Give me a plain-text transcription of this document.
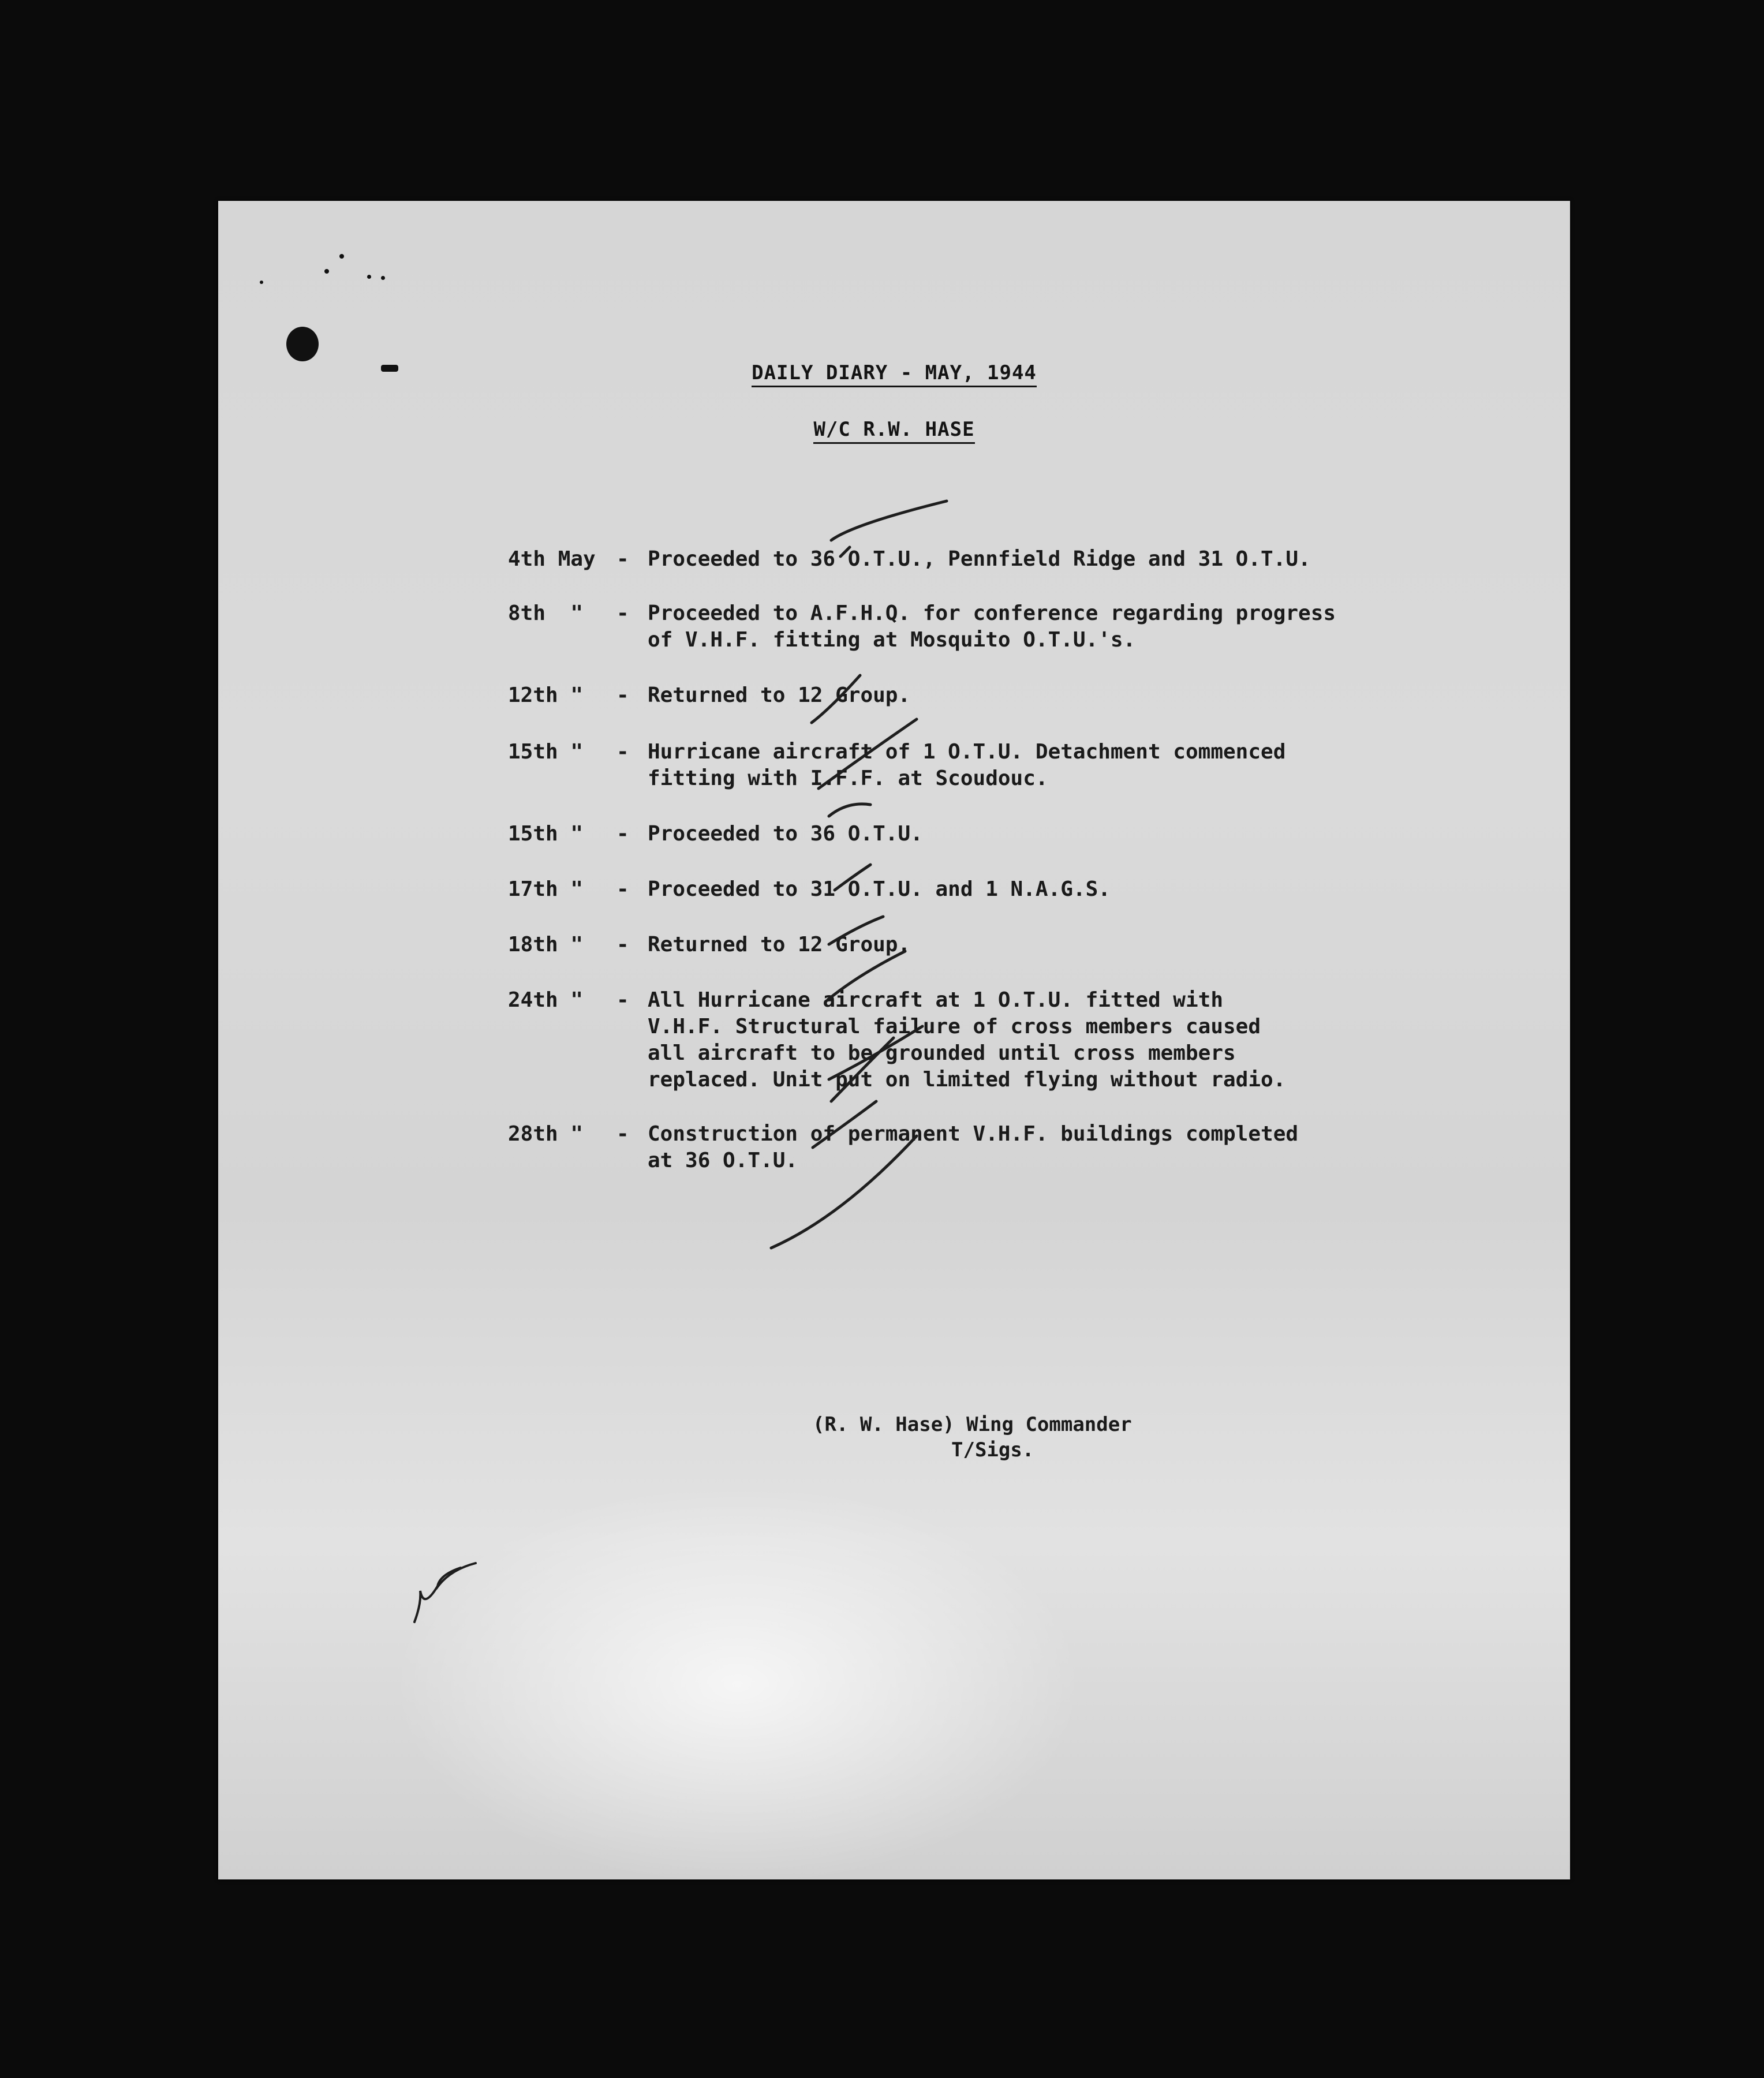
DAILY DIARY - MAY, 1944
W/C R.W. HASE
4th May - Proceeded to 36 O.T.U., Pennfield Ridge and 31 O.T.U.
8th  " - Proceeded to A.F.H.Q. for conference regarding progress
of V.H.F. fitting at Mosquito O.T.U.'s.
12th " - Returned to 12 Group.
15th " - Hurricane aircraft of 1 O.T.U. Detachment commenced
fitting with I.F.F. at Scoudouc.
15th " - Proceeded to 36 O.T.U.
17th " - Proceeded to 31 O.T.U. and 1 N.A.G.S.
18th " - Returned to 12 Group.
24th " - All Hurricane aircraft at 1 O.T.U. fitted with
V.H.F. Structural failure of cross members caused
all aircraft to be grounded until cross members
replaced. Unit put on limited flying without radio.
28th " - Construction of permanent V.H.F. buildings completed
at 36 O.T.U.
(R. W. Hase) Wing Commander
T/Sigs.
